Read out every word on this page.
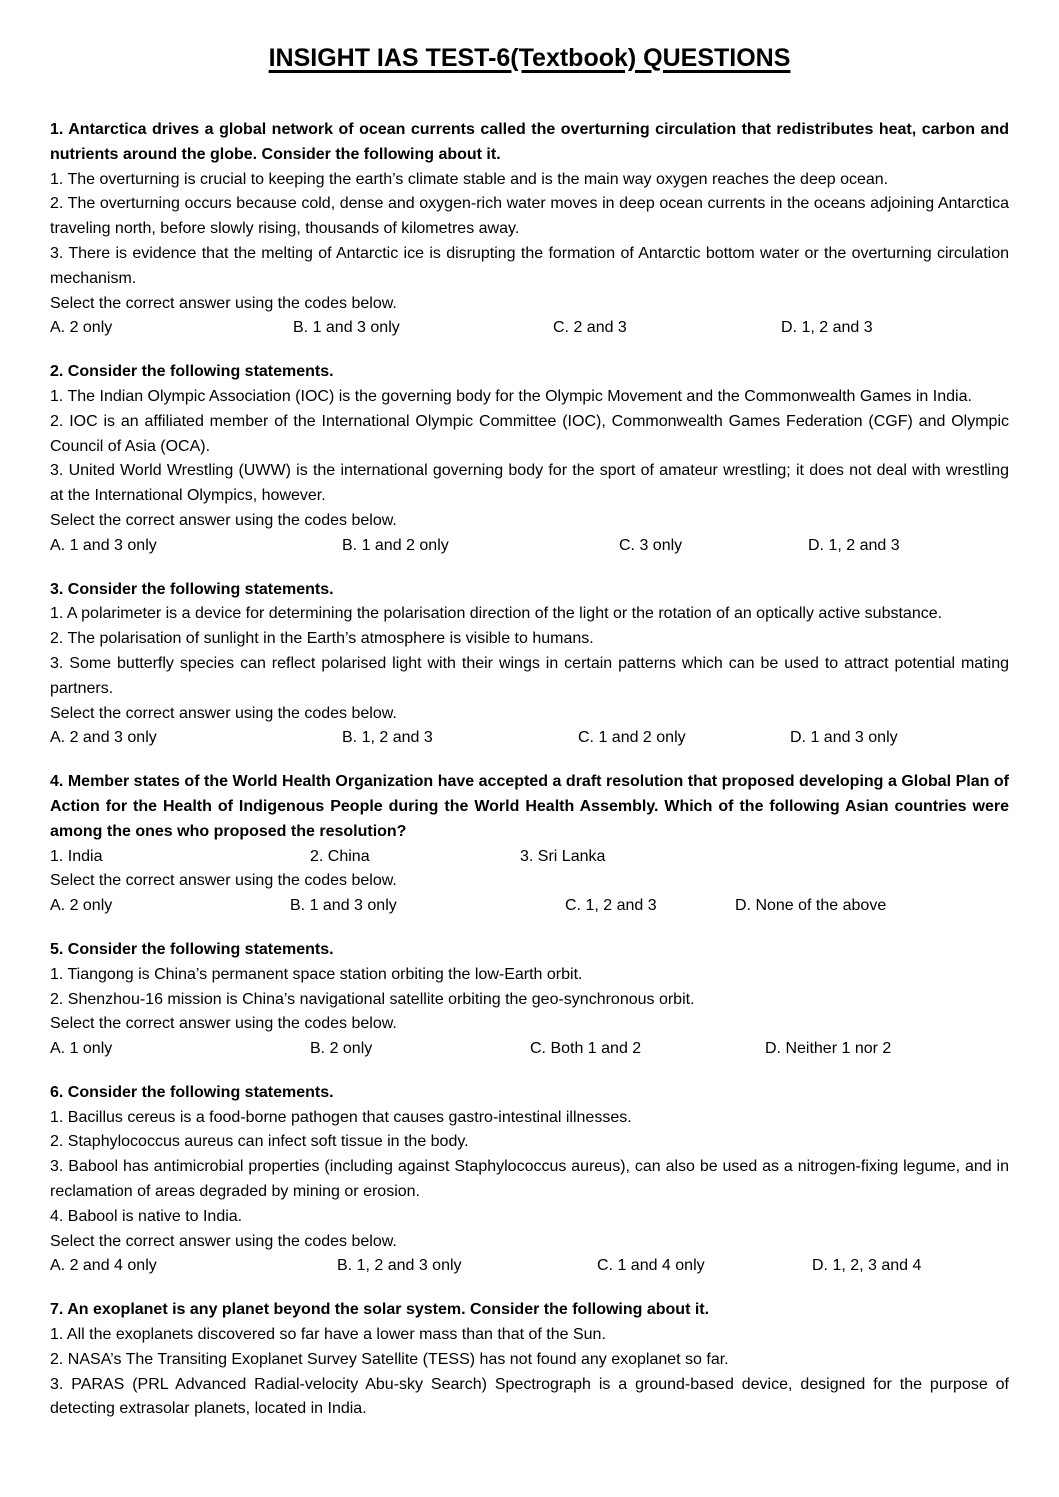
INSIGHT IAS TEST-6(Textbook) QUESTIONS

1. Antarctica drives a global network of ocean currents called the overturning circulation that redistributes heat, carbon and nutrients around the globe. Consider the following about it.

1. The overturning is crucial to keeping the earth’s climate stable and is the main way oxygen reaches the deep ocean.

2. The overturning occurs because cold, dense and oxygen-rich water moves in deep ocean currents in the oceans adjoining Antarctica traveling north, before slowly rising, thousands of kilometres away.

3. There is evidence that the melting of Antarctic ice is disrupting the formation of Antarctic bottom water or the overturning circulation mechanism.

Select the correct answer using the codes below.

A. 2 only	B. 1 and 3 only	C. 2 and 3	D. 1, 2 and 3

2. Consider the following statements.

1. The Indian Olympic Association (IOC) is the governing body for the Olympic Movement and the Commonwealth Games in India.

2. IOC is an affiliated member of the International Olympic Committee (IOC), Commonwealth Games Federation (CGF) and Olympic Council of Asia (OCA).

3. United World Wrestling (UWW) is the international governing body for the sport of amateur wrestling; it does not deal with wrestling at the International Olympics, however.

Select the correct answer using the codes below.

A. 1 and 3 only	B. 1 and 2 only	C. 3 only	D. 1, 2 and 3

3. Consider the following statements.

1. A polarimeter is a device for determining the polarisation direction of the light or the rotation of an optically active substance.

2. The polarisation of sunlight in the Earth’s atmosphere is visible to humans.

3. Some butterfly species can reflect polarised light with their wings in certain patterns which can be used to attract potential mating partners.

Select the correct answer using the codes below.

A. 2 and 3 only	B. 1, 2 and 3	C. 1 and 2 only	D. 1 and 3 only

4. Member states of the World Health Organization have accepted a draft resolution that proposed developing a Global Plan of Action for the Health of Indigenous People during the World Health Assembly. Which of the following Asian countries were among the ones who proposed the resolution?

1. India	2. China	3. Sri Lanka

Select the correct answer using the codes below.

A. 2 only	B. 1 and 3 only	C. 1, 2 and 3	D. None of the above

5. Consider the following statements.

1. Tiangong is China’s permanent space station orbiting the low-Earth orbit.

2. Shenzhou-16 mission is China’s navigational satellite orbiting the geo-synchronous orbit.

Select the correct answer using the codes below.

A. 1 only	B. 2 only	C. Both 1 and 2	D. Neither 1 nor 2

6. Consider the following statements.

1. Bacillus cereus is a food-borne pathogen that causes gastro-intestinal illnesses.

2. Staphylococcus aureus can infect soft tissue in the body.

3. Babool has antimicrobial properties (including against Staphylococcus aureus), can also be used as a nitrogen-fixing legume, and in reclamation of areas degraded by mining or erosion.

4. Babool is native to India.

Select the correct answer using the codes below.

A. 2 and 4 only	B. 1, 2 and 3 only	C. 1 and 4 only	D. 1, 2, 3 and 4

7. An exoplanet is any planet beyond the solar system. Consider the following about it.

1. All the exoplanets discovered so far have a lower mass than that of the Sun.

2. NASA’s The Transiting Exoplanet Survey Satellite (TESS) has not found any exoplanet so far.

3. PARAS (PRL Advanced Radial-velocity Abu-sky Search) Spectrograph is a ground-based device, designed for the purpose of detecting extrasolar planets, located in India.
